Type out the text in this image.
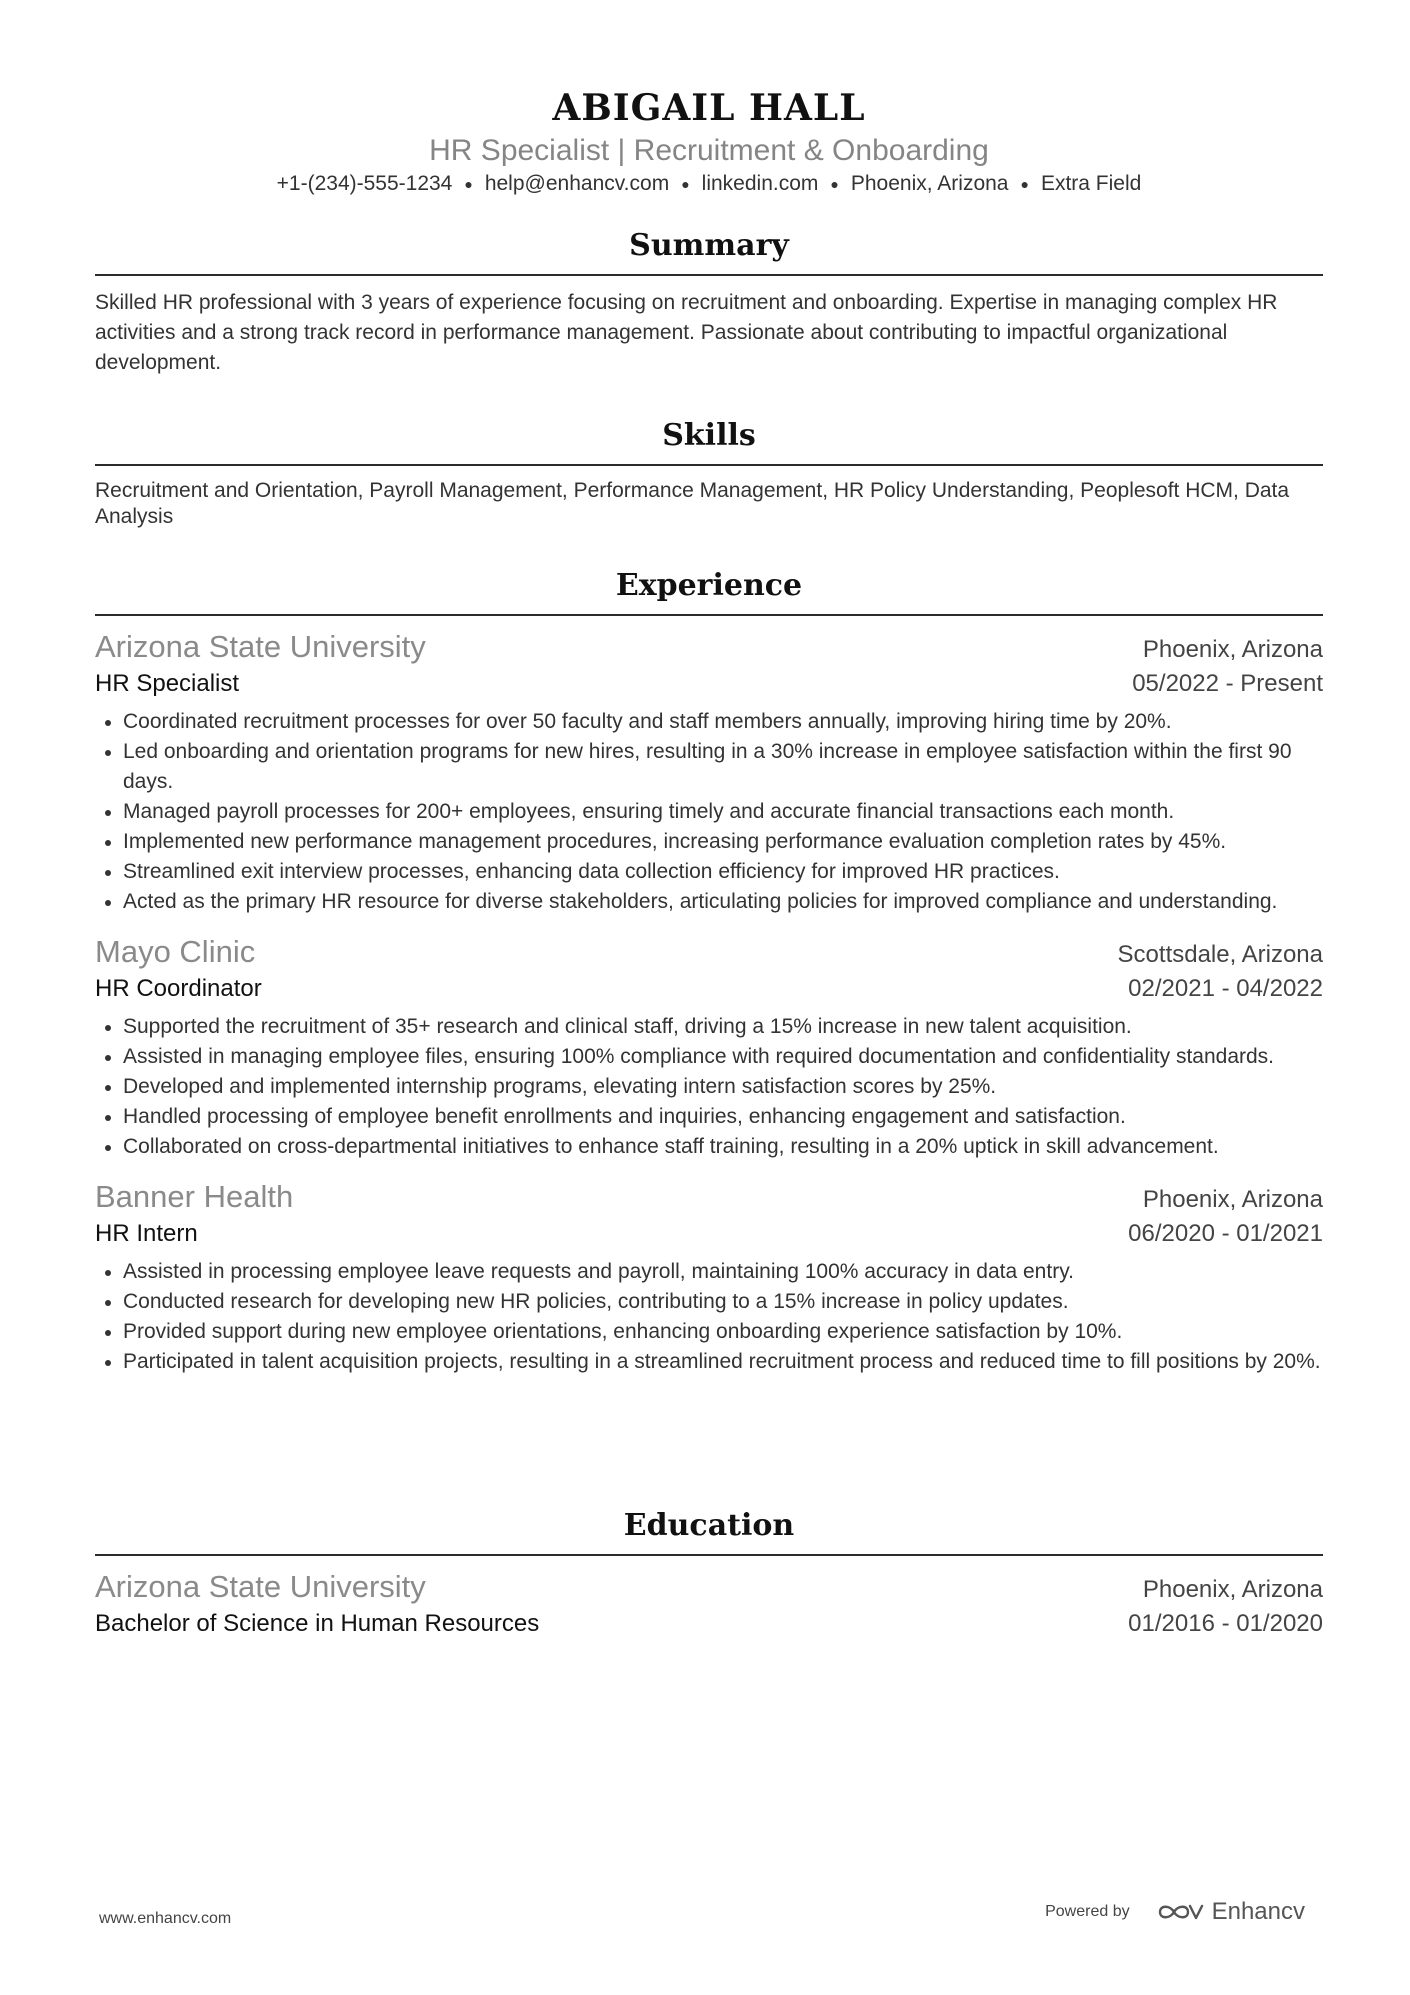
ABIGAIL HALL
HR Specialist | Recruitment & Onboarding
+1-(234)-555-1234 ● help@enhancv.com ● linkedin.com ● Phoenix, Arizona ● Extra Field
Summary
Skilled HR professional with 3 years of experience focusing on recruitment and onboarding. Expertise in managing complex HR activities and a strong track record in performance management. Passionate about contributing to impactful organizational development.
Skills
Recruitment and Orientation, Payroll Management, Performance Management, HR Policy Understanding, Peoplesoft HCM, Data Analysis
Experience
Arizona State University	Phoenix, Arizona
HR Specialist	05/2022 - Present
Coordinated recruitment processes for over 50 faculty and staff members annually, improving hiring time by 20%.
Led onboarding and orientation programs for new hires, resulting in a 30% increase in employee satisfaction within the first 90 days.
Managed payroll processes for 200+ employees, ensuring timely and accurate financial transactions each month.
Implemented new performance management procedures, increasing performance evaluation completion rates by 45%.
Streamlined exit interview processes, enhancing data collection efficiency for improved HR practices.
Acted as the primary HR resource for diverse stakeholders, articulating policies for improved compliance and understanding.
Mayo Clinic	Scottsdale, Arizona
HR Coordinator	02/2021 - 04/2022
Supported the recruitment of 35+ research and clinical staff, driving a 15% increase in new talent acquisition.
Assisted in managing employee files, ensuring 100% compliance with required documentation and confidentiality standards.
Developed and implemented internship programs, elevating intern satisfaction scores by 25%.
Handled processing of employee benefit enrollments and inquiries, enhancing engagement and satisfaction.
Collaborated on cross-departmental initiatives to enhance staff training, resulting in a 20% uptick in skill advancement.
Banner Health	Phoenix, Arizona
HR Intern	06/2020 - 01/2021
Assisted in processing employee leave requests and payroll, maintaining 100% accuracy in data entry.
Conducted research for developing new HR policies, contributing to a 15% increase in policy updates.
Provided support during new employee orientations, enhancing onboarding experience satisfaction by 10%.
Participated in talent acquisition projects, resulting in a streamlined recruitment process and reduced time to fill positions by 20%.
Education
Arizona State University	Phoenix, Arizona
Bachelor of Science in Human Resources	01/2016 - 01/2020
www.enhancv.com	Powered by	Enhancv
